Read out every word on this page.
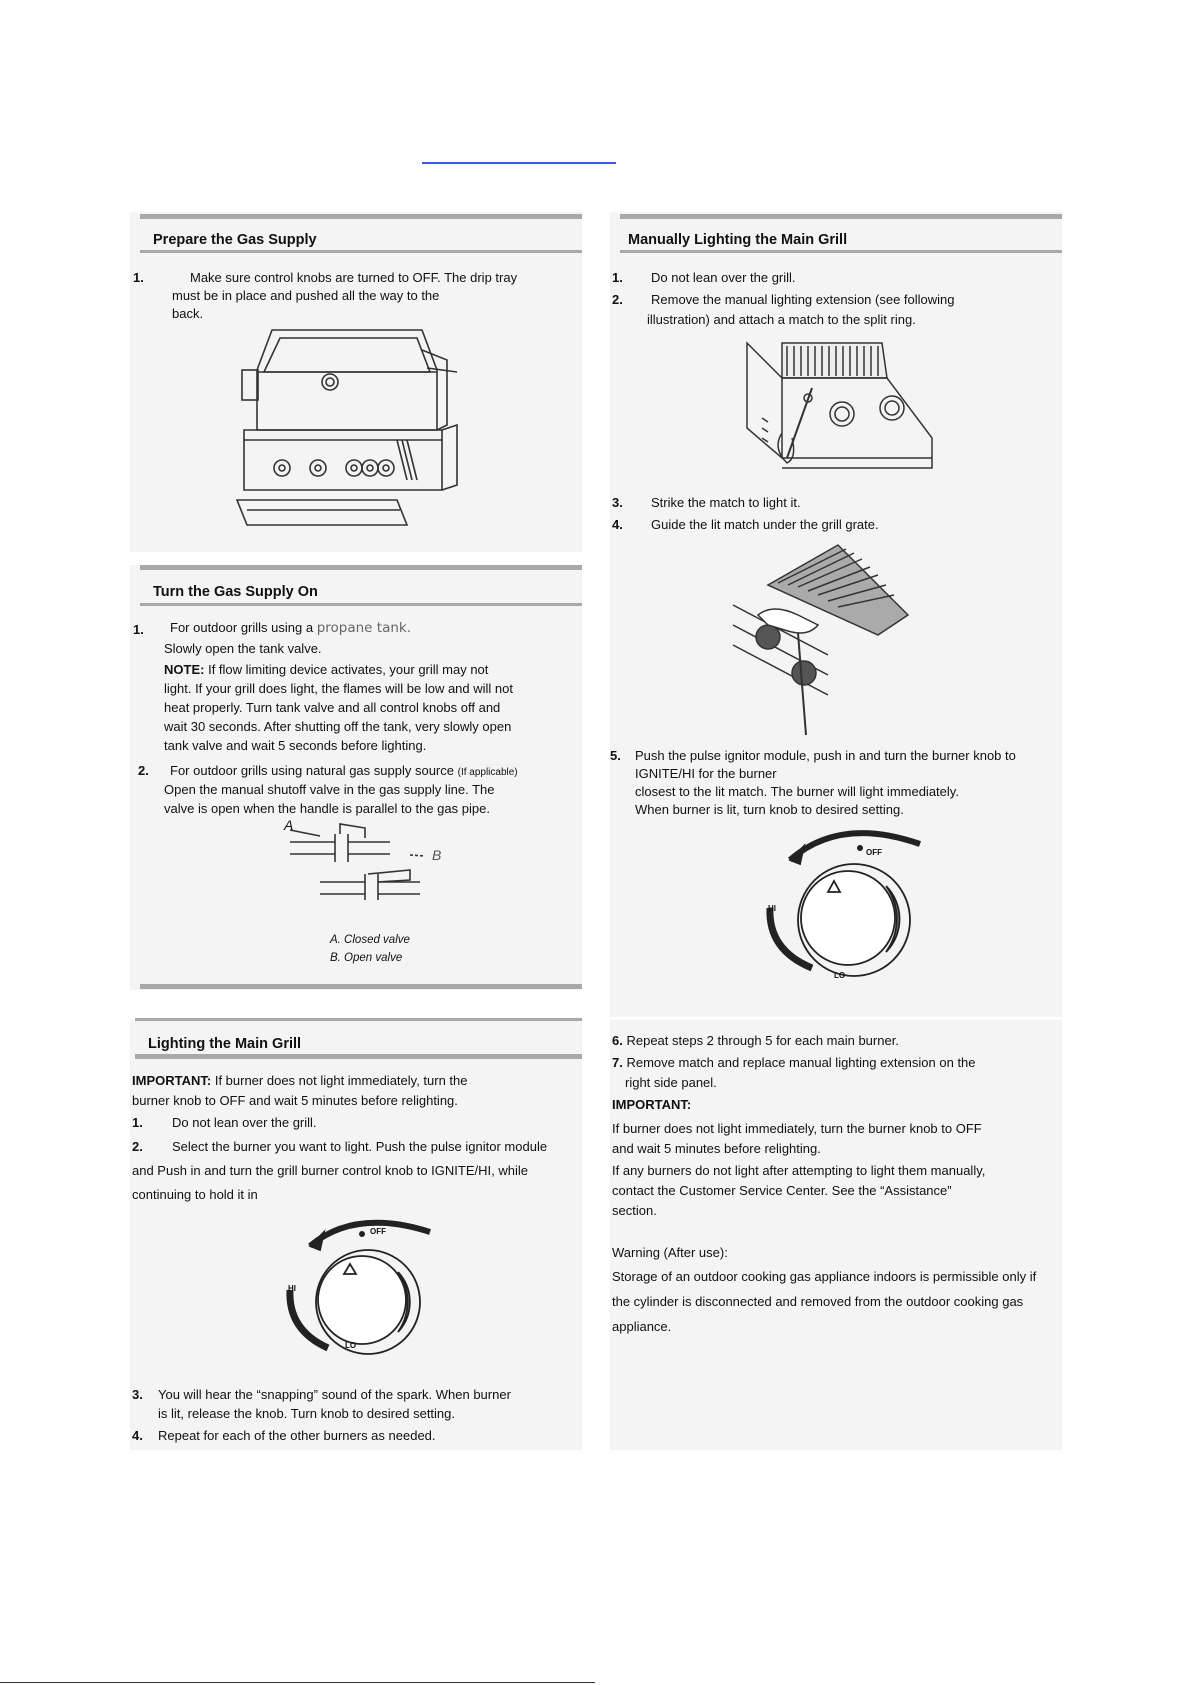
Prepare the Gas Supply
1.	Make sure control knobs are turned to OFF. The drip tray
must be in place and pushed all the way to the
back.
Turn the Gas Supply On
1. For outdoor grills using a propane tank.
Slowly open the tank valve.
NOTE: If flow limiting device activates, your grill may not
light. If your grill does light, the flames will be low and will not
heat properly. Turn tank valve and all control knobs off and
wait 30 seconds. After shutting off the tank, very slowly open
tank valve and wait 5 seconds before lighting.
2. For outdoor grills using natural gas supply source (If applicable)
Open the manual shutoff valve in the gas supply line. The
valve is open when the handle is parallel to the gas pipe.
A
B
A. Closed valve
B. Open valve
Lighting the Main Grill
IMPORTANT: If burner does not light immediately, turn the
burner knob to OFF and wait 5 minutes before relighting.
1. Do not lean over the grill.
2. Select the burner you want to light. Push the pulse ignitor module
and Push in and turn the grill burner control knob to IGNITE/HI, while
continuing to hold it in
OFF
HI
LO
3. You will hear the “snapping” sound of the spark. When burner
is lit, release the knob. Turn knob to desired setting.
4. Repeat for each of the other burners as needed.
Manually Lighting the Main Grill
1. Do not lean over the grill.
2. Remove the manual lighting extension (see following
illustration) and attach a match to the split ring.
3. Strike the match to light it.
4. Guide the lit match under the grill grate.
5. Push the pulse ignitor module, push in and turn the burner knob to
IGNITE/HI for the burner
closest to the lit match. The burner will light immediately.
When burner is lit, turn knob to desired setting.
OFF
HI
LO
6. Repeat steps 2 through 5 for each main burner.
7. Remove match and replace manual lighting extension on the
right side panel.
IMPORTANT:
If burner does not light immediately, turn the burner knob to OFF
and wait 5 minutes before relighting.
If any burners do not light after attempting to light them manually,
contact the Customer Service Center. See the “Assistance”
section.
Warning (After use):
Storage of an outdoor cooking gas appliance indoors is permissible only if
the cylinder is disconnected and removed from the outdoor cooking gas
appliance.
